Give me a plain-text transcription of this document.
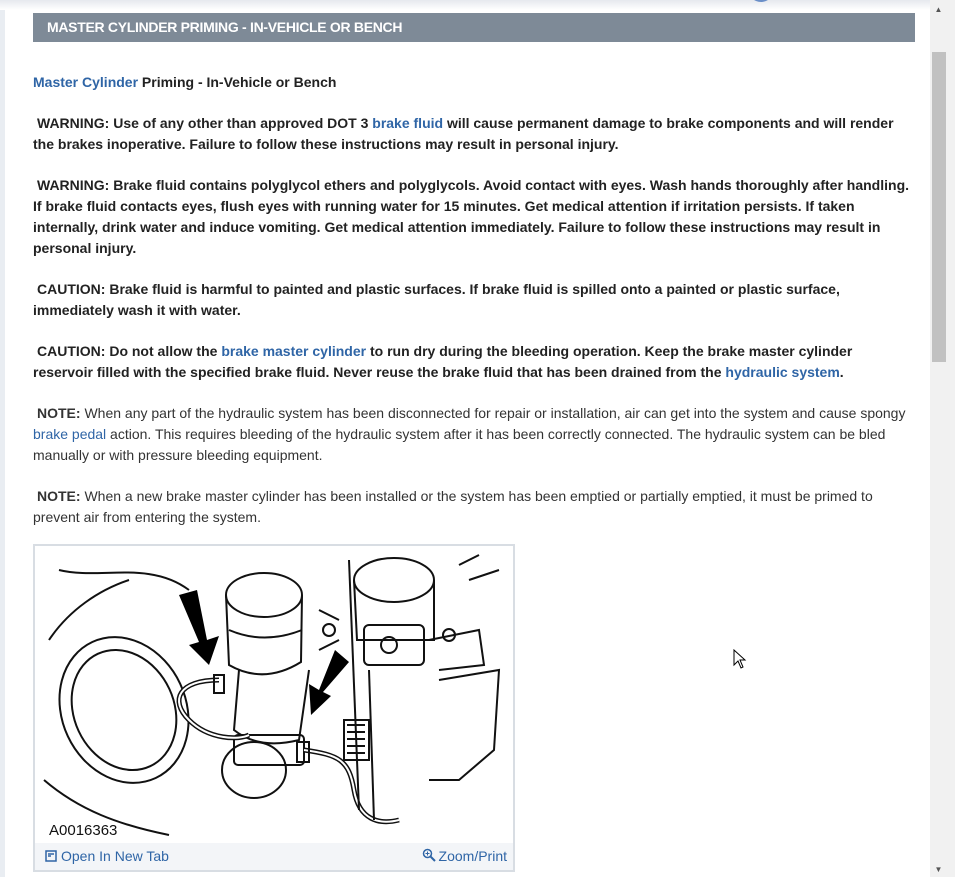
MASTER CYLINDER PRIMING - IN-VEHICLE OR BENCH

Master Cylinder Priming - In-Vehicle or Bench

WARNING: Use of any other than approved DOT 3 brake fluid will cause permanent damage to brake components and will render the brakes inoperative. Failure to follow these instructions may result in personal injury.

WARNING: Brake fluid contains polyglycol ethers and polyglycols. Avoid contact with eyes. Wash hands thoroughly after handling. If brake fluid contacts eyes, flush eyes with running water for 15 minutes. Get medical attention if irritation persists. If taken internally, drink water and induce vomiting. Get medical attention immediately. Failure to follow these instructions may result in personal injury.

CAUTION: Brake fluid is harmful to painted and plastic surfaces. If brake fluid is spilled onto a painted or plastic surface, immediately wash it with water.

CAUTION: Do not allow the brake master cylinder to run dry during the bleeding operation. Keep the brake master cylinder reservoir filled with the specified brake fluid. Never reuse the brake fluid that has been drained from the hydraulic system.

NOTE: When any part of the hydraulic system has been disconnected for repair or installation, air can get into the system and cause spongy brake pedal action. This requires bleeding of the hydraulic system after it has been correctly connected. The hydraulic system can be bled manually or with pressure bleeding equipment.

NOTE: When a new brake master cylinder has been installed or the system has been emptied or partially emptied, it must be primed to prevent air from entering the system.

A0016363
Open In New Tab	Zoom/Print
▲
▼
